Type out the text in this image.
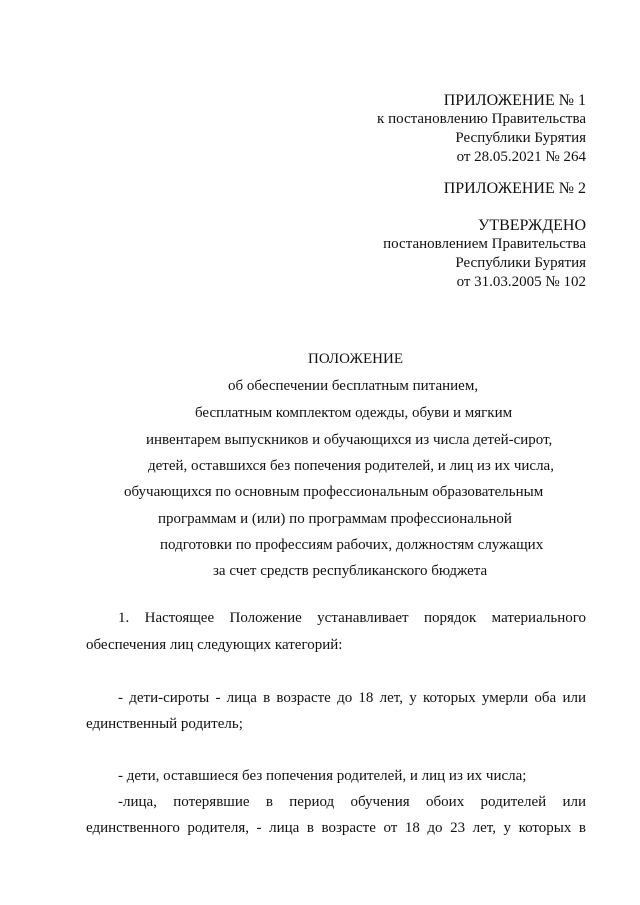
ПРИЛОЖЕНИЕ № 1
к постановлению Правительства
Республики Бурятия
от 28.05.2021 № 264
ПРИЛОЖЕНИЕ № 2
УТВЕРЖДЕНО
постановлением Правительства
Республики Бурятия
от 31.03.2005 № 102
ПОЛОЖЕНИЕ
об обеспечении бесплатным питанием,
бесплатным комплектом одежды, обуви и мягким
инвентарем выпускников и обучающихся из числа детей-сирот,
детей, оставшихся без попечения родителей, и лиц из их числа,
обучающихся по основным профессиональным образовательным
программам и (или) по программам профессиональной
подготовки по профессиям рабочих, должностям служащих
за счет средств республиканского бюджета
1. Настоящее Положение устанавливает порядок материального
обеспечения лиц следующих категорий:
- дети-сироты - лица в возрасте до 18 лет, у которых умерли оба или
единственный родитель;
- дети, оставшиеся без попечения родителей, и лиц из их числа;
-лица, потерявшие в период обучения обоих родителей или
единственного родителя, - лица в возрасте от 18 до 23 лет, у которых в
